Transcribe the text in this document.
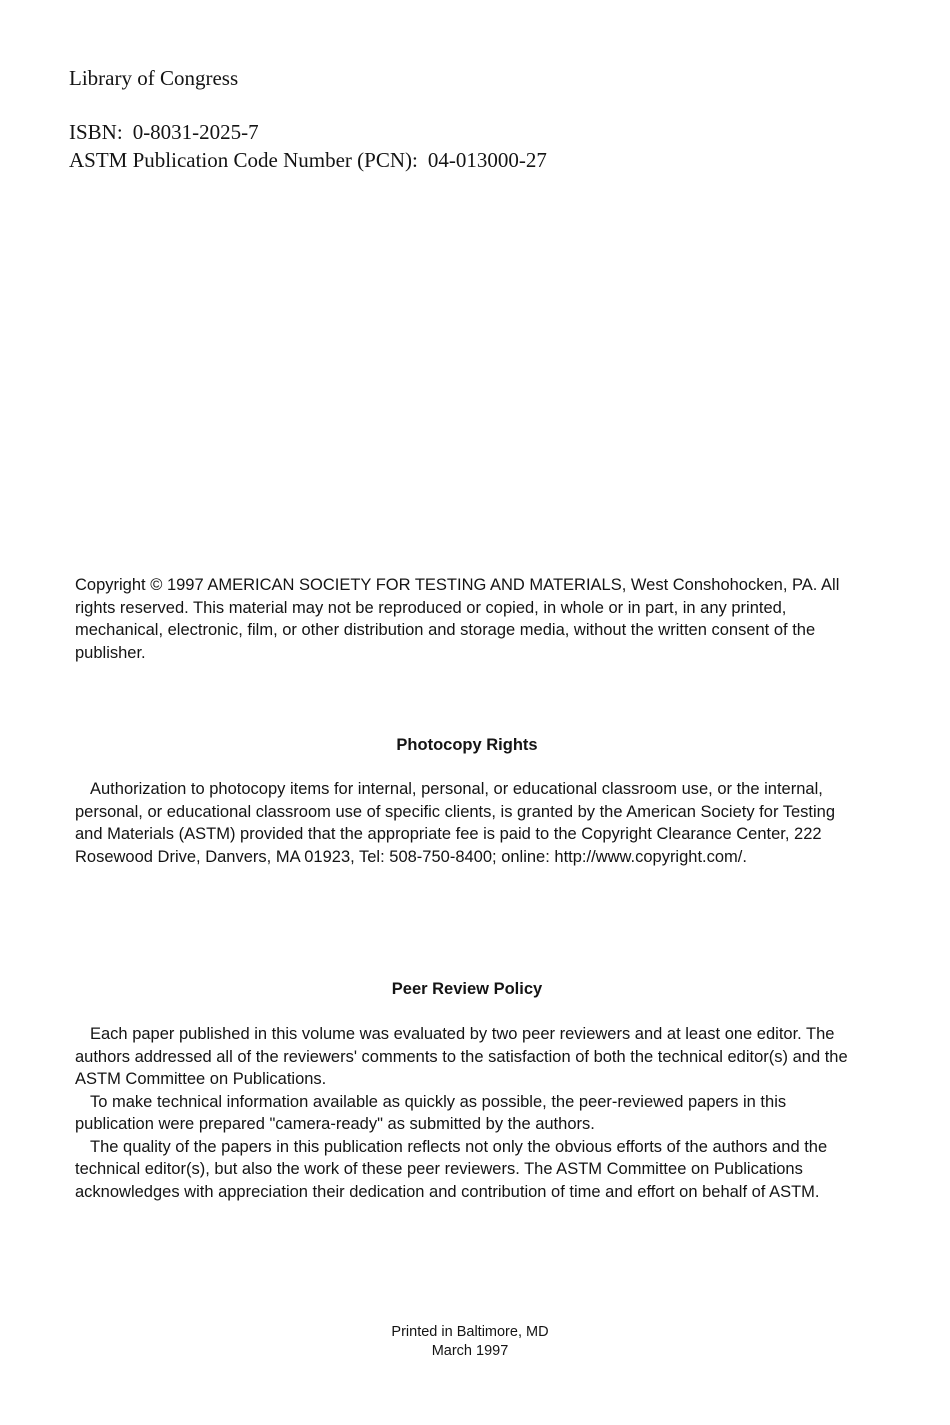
Library of Congress
ISBN: 0-8031-2025-7
ASTM Publication Code Number (PCN): 04-013000-27

Copyright © 1997 AMERICAN SOCIETY FOR TESTING AND MATERIALS, West Conshohocken, PA. All rights reserved. This material may not be reproduced or copied, in whole or in part, in any printed, mechanical, electronic, film, or other distribution and storage media, without the written consent of the publisher.

Photocopy Rights

Authorization to photocopy items for internal, personal, or educational classroom use, or the internal, personal, or educational classroom use of specific clients, is granted by the American Society for Testing and Materials (ASTM) provided that the appropriate fee is paid to the Copyright Clearance Center, 222 Rosewood Drive, Danvers, MA 01923, Tel: 508-750-8400; online: http://www.copyright.com/.

Peer Review Policy

Each paper published in this volume was evaluated by two peer reviewers and at least one editor. The authors addressed all of the reviewers' comments to the satisfaction of both the technical editor(s) and the ASTM Committee on Publications.

To make technical information available as quickly as possible, the peer-reviewed papers in this publication were prepared "camera-ready" as submitted by the authors.

The quality of the papers in this publication reflects not only the obvious efforts of the authors and the technical editor(s), but also the work of these peer reviewers. The ASTM Committee on Publications acknowledges with appreciation their dedication and contribution of time and effort on behalf of ASTM.

Printed in Baltimore, MD
March 1997
